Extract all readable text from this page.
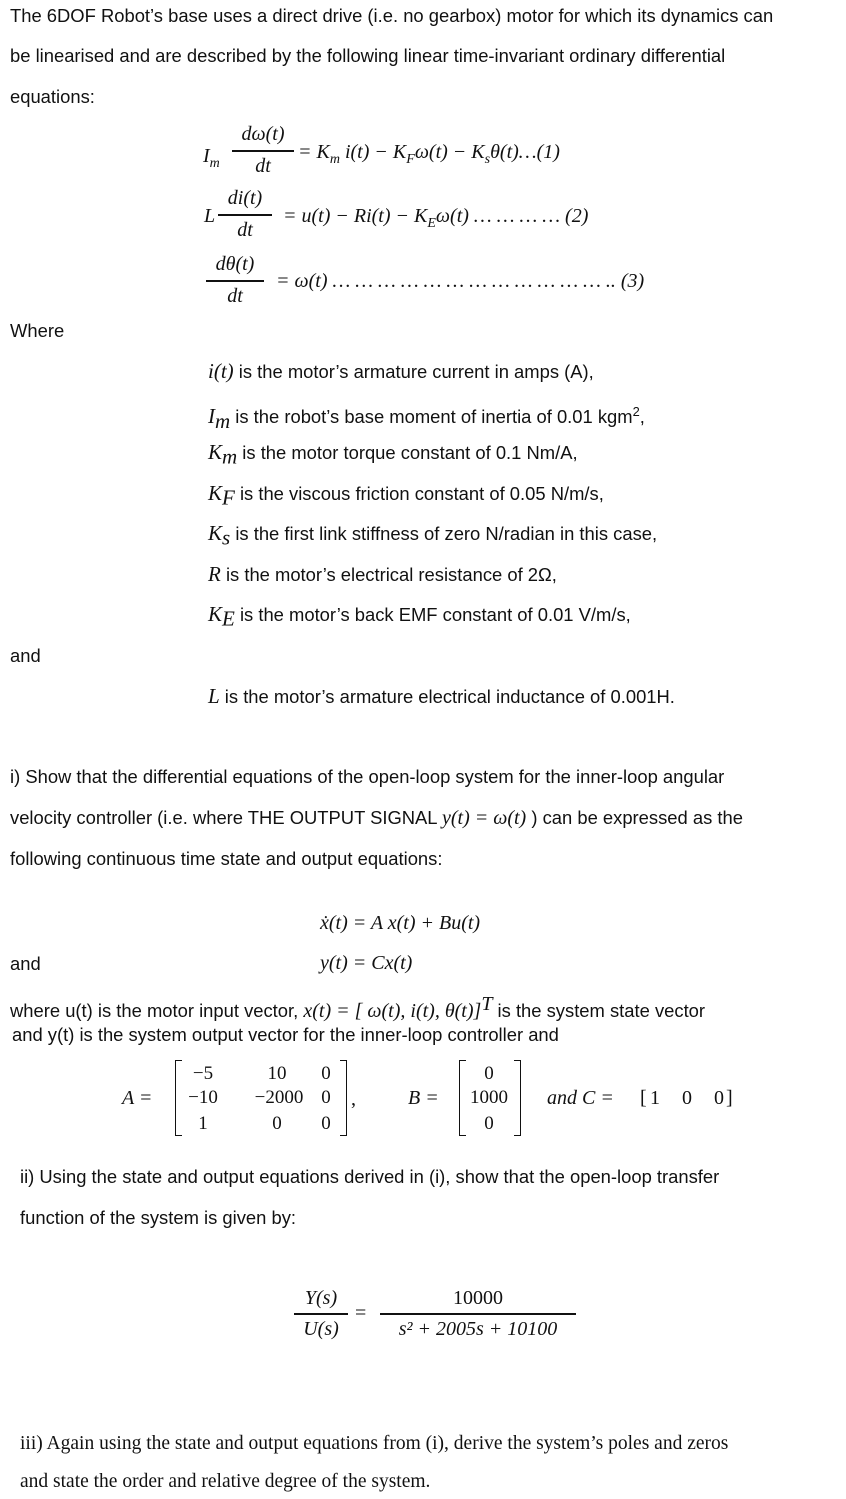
The 6DOF Robot’s base uses a direct drive (i.e. no gearbox) motor for which its dynamics can
be linearised and are described by the following linear time-invariant ordinary differential
equations:
$I_m$
dω(t)
dt
= $K_m$ $i(t) - K_F\omega(t)$ − $K_s\theta(t)\dots(1)$
L
di(t)
dt
= $u(t) - Ri(t) - K_E\omega(t)$ … … … … (2)
dθ(t)
dt
= ω(t) … … … … … … … … … … … … .. (3)
Where
i(t) is the motor’s armature current in amps (A),
$I_m$ is the robot’s base moment of inertia of 0.01 kgm$^2$,
$K_m$ is the motor torque constant of 0.1 Nm/A,
$K_F$ is the viscous friction constant of 0.05 N/m/s,
$K_s$ is the first link stiffness of zero N/radian in this case,
R is the motor’s electrical resistance of 2Ω,
$K_E$ is the motor’s back EMF constant of 0.01 V/m/s,
and
L is the motor’s armature electrical inductance of 0.001H.
i) Show that the differential equations of the open-loop system for the inner-loop angular
velocity controller (i.e. where THE OUTPUT SIGNAL y(t) = ω(t) ) can be expressed as the
following continuous time state and output equations:
ẋ(t) = A x(t) + Bu(t)
and	y(t) = Cx(t)
where u(t) is the motor input vector, x(t) = [ ω(t), i(t), θ(t)]$^T$ is the system state vector
and y(t) is the system output vector for the inner-loop controller and
A =
−5	10	0
−10	−2000 0
1	0	0
,	B =
0
1000
0
and C = [ 1 0 0 ]
ii) Using the state and output equations derived in (i), show that the open-loop transfer
function of the system is given by:
Y(s)
U(s)
=
10000
s² + 2005s + 10100
iii) Again using the state and output equations from (i), derive the system’s poles and zeros
and state the order and relative degree of the system.
